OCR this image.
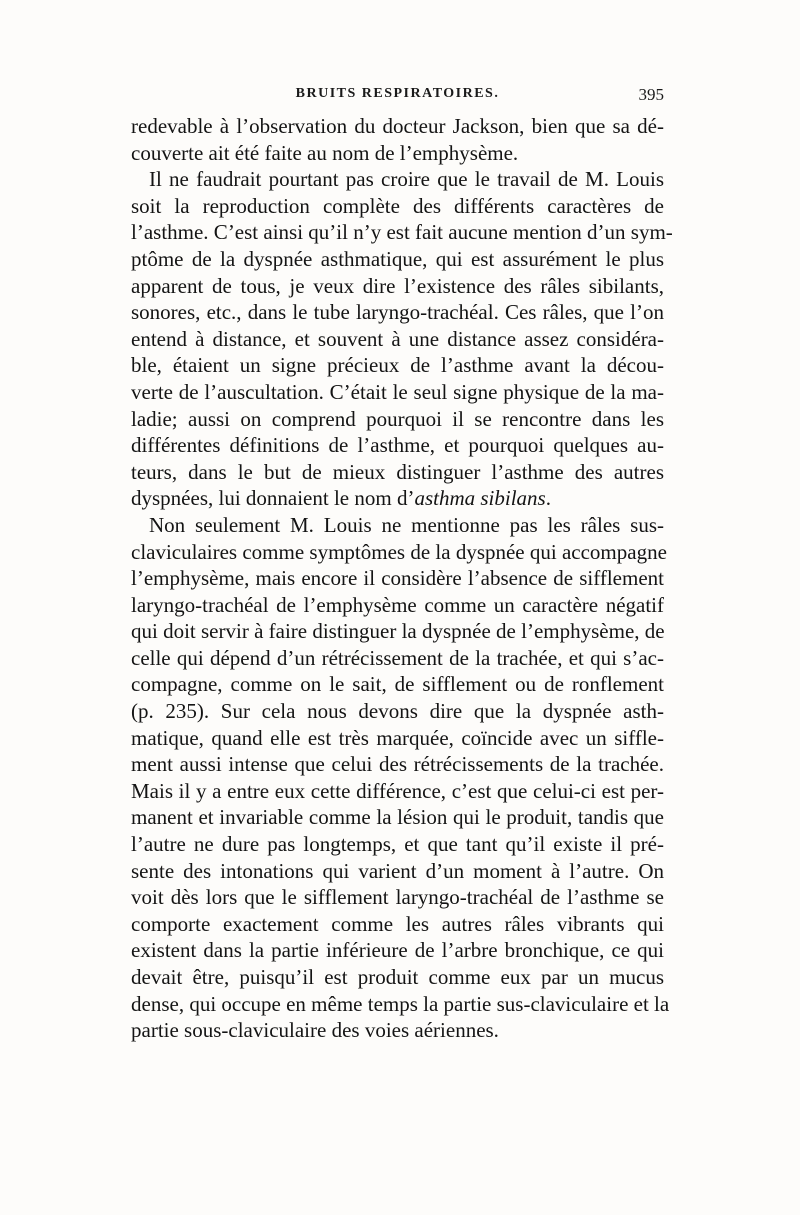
BRUITS RESPIRATOIRES.	395
redevable à l’observation du docteur Jackson, bien que sa dé-
couverte ait été faite au nom de l’emphysème.
Il ne faudrait pourtant pas croire que le travail de M. Louis
soit la reproduction complète des différents caractères de
l’asthme. C’est ainsi qu’il n’y est fait aucune mention d’un sym-
ptôme de la dyspnée asthmatique, qui est assurément le plus
apparent de tous, je veux dire l’existence des râles sibilants,
sonores, etc., dans le tube laryngo-trachéal. Ces râles, que l’on
entend à distance, et souvent à une distance assez considéra-
ble, étaient un signe précieux de l’asthme avant la décou-
verte de l’auscultation. C’était le seul signe physique de la ma-
ladie; aussi on comprend pourquoi il se rencontre dans les
différentes définitions de l’asthme, et pourquoi quelques au-
teurs, dans le but de mieux distinguer l’asthme des autres
dyspnées, lui donnaient le nom d’asthma sibilans.
Non seulement M. Louis ne mentionne pas les râles sus-
claviculaires comme symptômes de la dyspnée qui accompagne
l’emphysème, mais encore il considère l’absence de sifflement
laryngo-trachéal de l’emphysème comme un caractère négatif
qui doit servir à faire distinguer la dyspnée de l’emphysème, de
celle qui dépend d’un rétrécissement de la trachée, et qui s’ac-
compagne, comme on le sait, de sifflement ou de ronflement
(p. 235). Sur cela nous devons dire que la dyspnée asth-
matique, quand elle est très marquée, coïncide avec un siffle-
ment aussi intense que celui des rétrécissements de la trachée.
Mais il y a entre eux cette différence, c’est que celui-ci est per-
manent et invariable comme la lésion qui le produit, tandis que
l’autre ne dure pas longtemps, et que tant qu’il existe il pré-
sente des intonations qui varient d’un moment à l’autre. On
voit dès lors que le sifflement laryngo-trachéal de l’asthme se
comporte exactement comme les autres râles vibrants qui
existent dans la partie inférieure de l’arbre bronchique, ce qui
devait être, puisqu’il est produit comme eux par un mucus
dense, qui occupe en même temps la partie sus-claviculaire et la
partie sous-claviculaire des voies aériennes.
